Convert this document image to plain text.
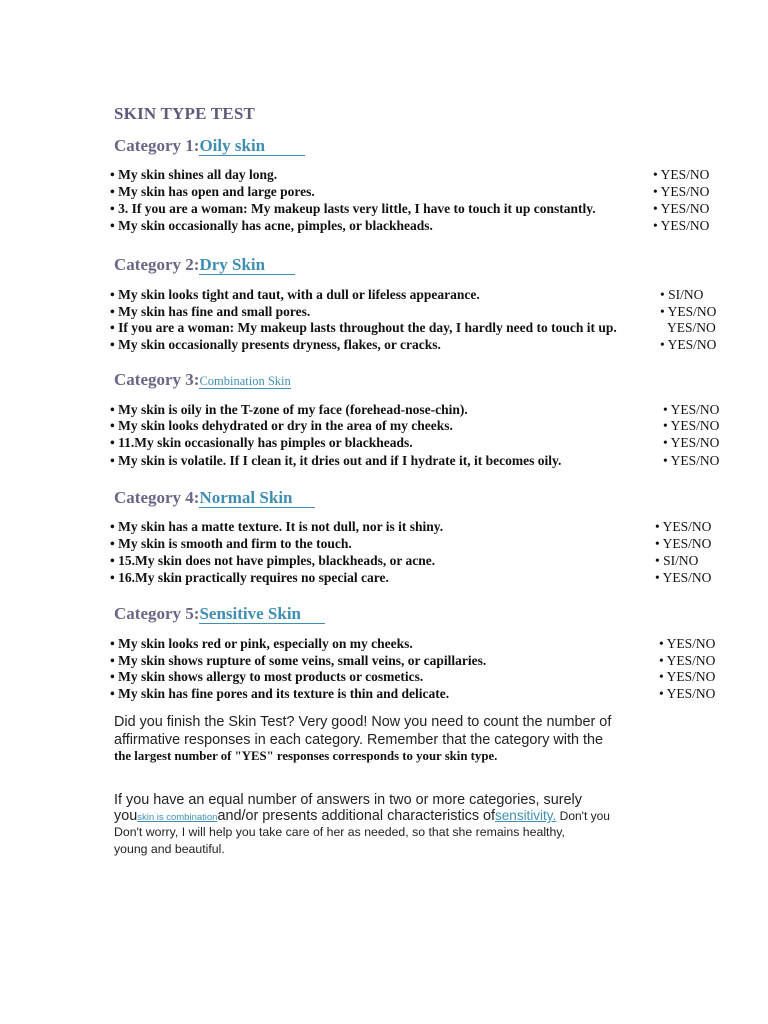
SKIN TYPE TEST
Category 1:Oily skin
• My skin shines all day long.	• YES/NO
• My skin has open and large pores.	• YES/NO
• 3. If you are a woman: My makeup lasts very little, I have to touch it up constantly.	• YES/NO
• My skin occasionally has acne, pimples, or blackheads.	• YES/NO
Category 2:Dry Skin
• My skin looks tight and taut, with a dull or lifeless appearance.	• SI/NO
• My skin has fine and small pores.	• YES/NO
• If you are a woman: My makeup lasts throughout the day, I hardly need to touch it up.	YES/NO
• My skin occasionally presents dryness, flakes, or cracks.	• YES/NO
Category 3:Combination Skin
• My skin is oily in the T-zone of my face (forehead-nose-chin).	• YES/NO
• My skin looks dehydrated or dry in the area of my cheeks.	• YES/NO
• 11.My skin occasionally has pimples or blackheads.	• YES/NO
• My skin is volatile. If I clean it, it dries out and if I hydrate it, it becomes oily.	• YES/NO
Category 4:Normal Skin
• My skin has a matte texture. It is not dull, nor is it shiny.	• YES/NO
• My skin is smooth and firm to the touch.	• YES/NO
• 15.My skin does not have pimples, blackheads, or acne.	• SI/NO
• 16.My skin practically requires no special care.	• YES/NO
Category 5:Sensitive Skin
• My skin looks red or pink, especially on my cheeks.	• YES/NO
• My skin shows rupture of some veins, small veins, or capillaries.	• YES/NO
• My skin shows allergy to most products or cosmetics.	• YES/NO
• My skin has fine pores and its texture is thin and delicate.	• YES/NO
Did you finish the Skin Test? Very good! Now you need to count the number of
affirmative responses in each category. Remember that the category with the
the largest number of "YES" responses corresponds to your skin type.
If you have an equal number of answers in two or more categories, surely
youskin is combinationand/or presents additional characteristics ofsensitivity. Don't you
Don't worry, I will help you take care of her as needed, so that she remains healthy,
young and beautiful.
